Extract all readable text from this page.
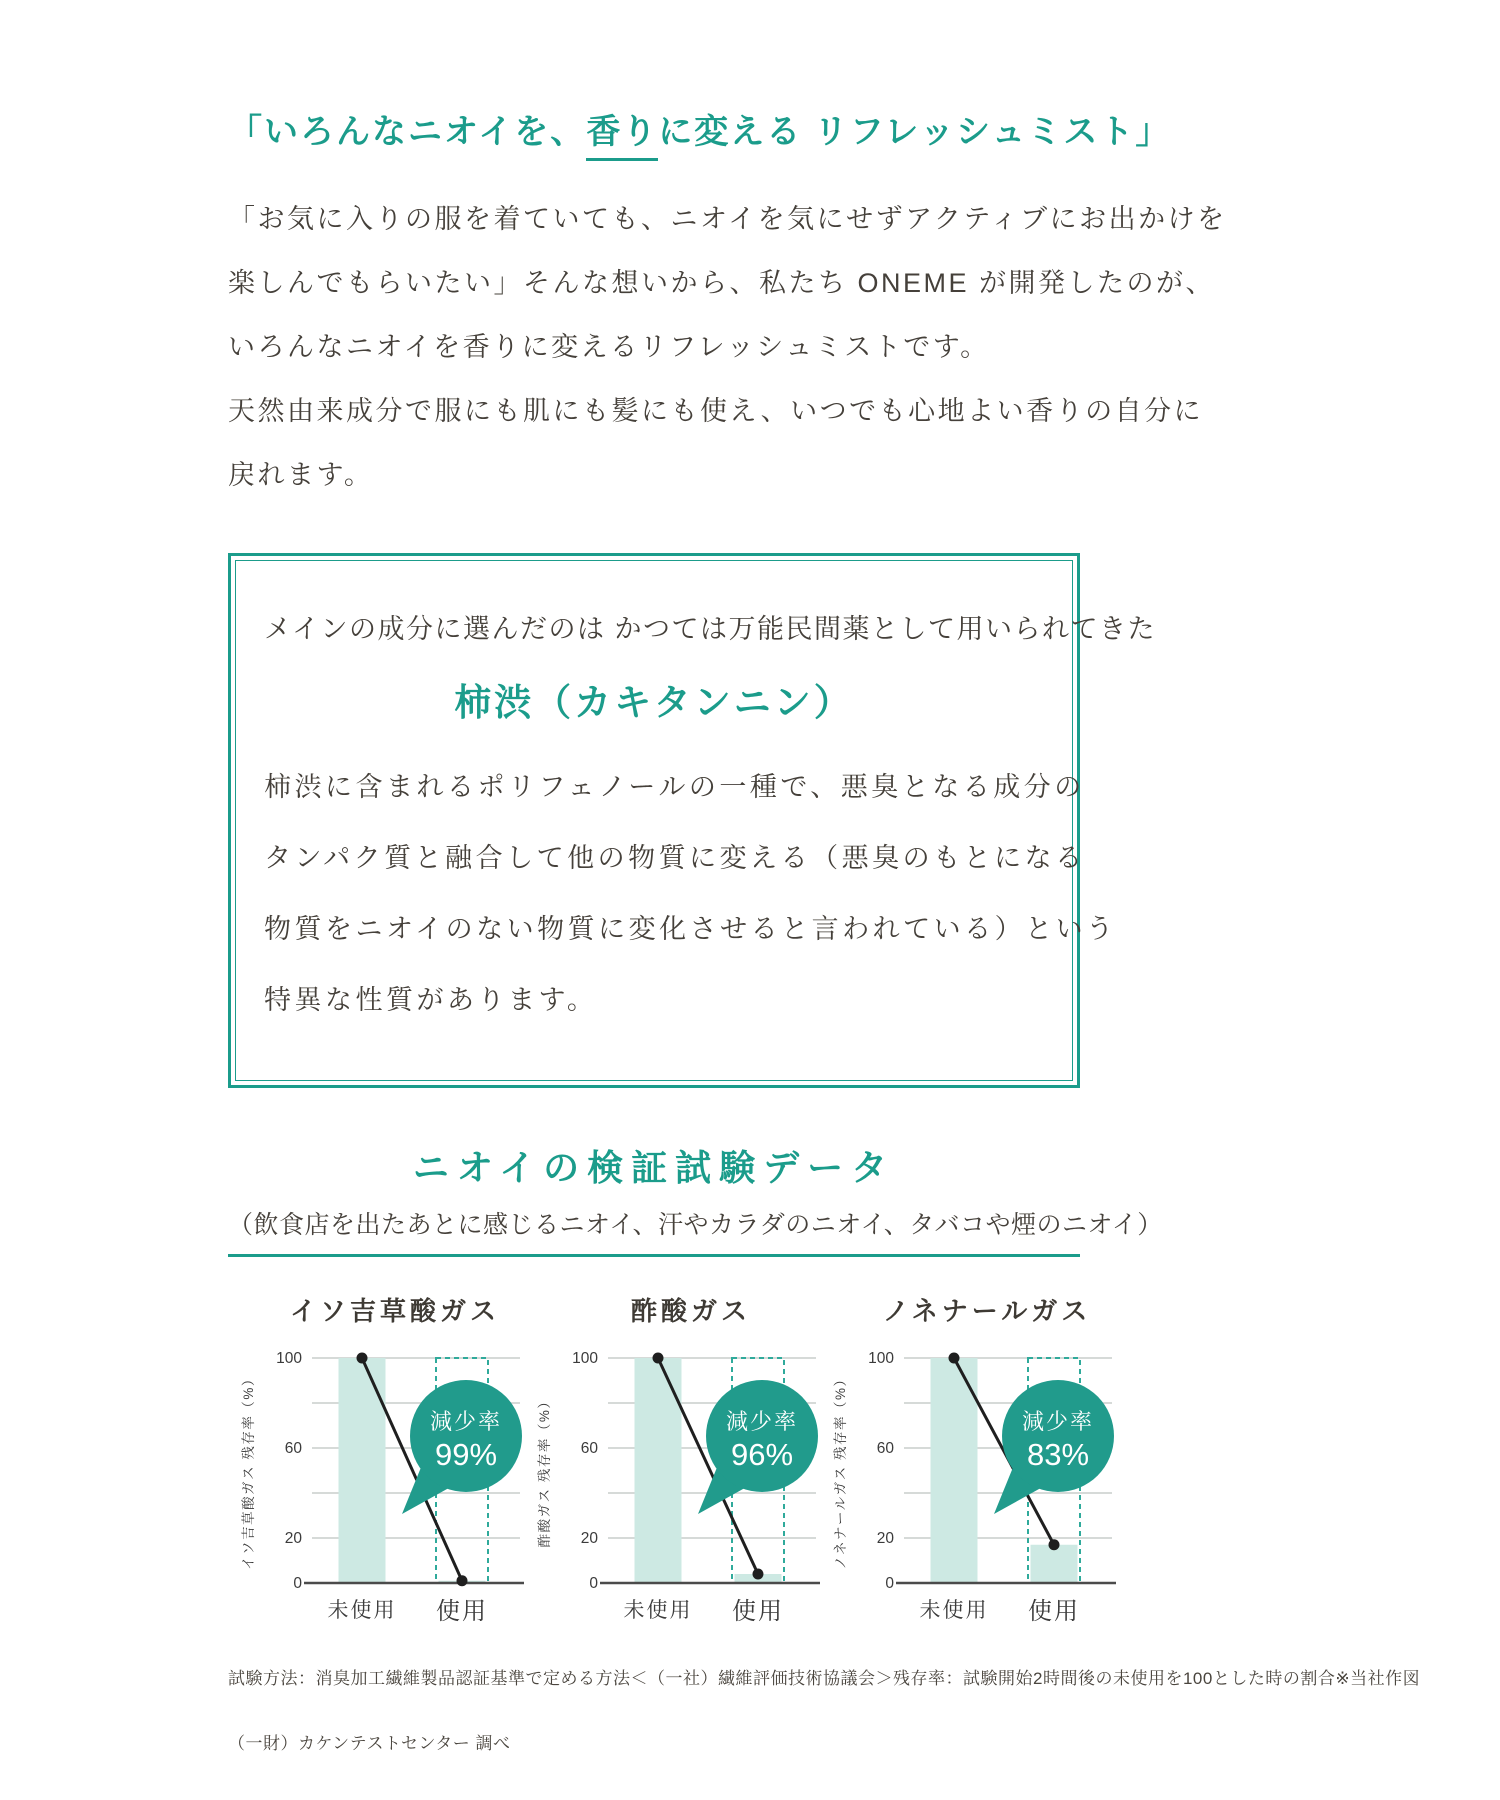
「いろんなニオイを、香りに変える リフレッシュミスト」
「お気に入りの服を着ていても、ニオイを気にせずアクティブにお出かけを
楽しんでもらいたい」そんな想いから、私たち ONEME が開発したのが、
いろんなニオイを香りに変えるリフレッシュミストです。
天然由来成分で服にも肌にも髪にも使え、いつでも心地よい香りの自分に
戻れます。
メインの成分に選んだのは かつては万能民間薬として用いられてきた
柿渋（カキタンニン）
柿渋に含まれるポリフェノールの一種で、悪臭となる成分の
タンパク質と融合して他の物質に変える（悪臭のもとになる
物質をニオイのない物質に変化させると言われている）という
特異な性質があります。
ニオイの検証試験データ
（飲食店を出たあとに感じるニオイ、汗やカラダのニオイ、タバコや煙のニオイ）
イソ吉草酸ガス
100
60
20
0
イソ吉草酸ガス 残存率（%）	減少率
99%
未使用 使用
酢酸ガス
100
60
20
0
酢酸ガス 残存率（%）	減少率
96%
未使用 使用
ノネナールガス
100
60
20
0
ノネナールガス 残存率（%）	減少率
83%
未使用 使用
試験方法：消臭加工繊維製品認証基準で定める方法＜（一社）繊維評価技術協議会＞ 残存率：試験開始2時間後の未使用を100とした時の割合 ※当社作図
（一財）カケンテストセンター 調べ
